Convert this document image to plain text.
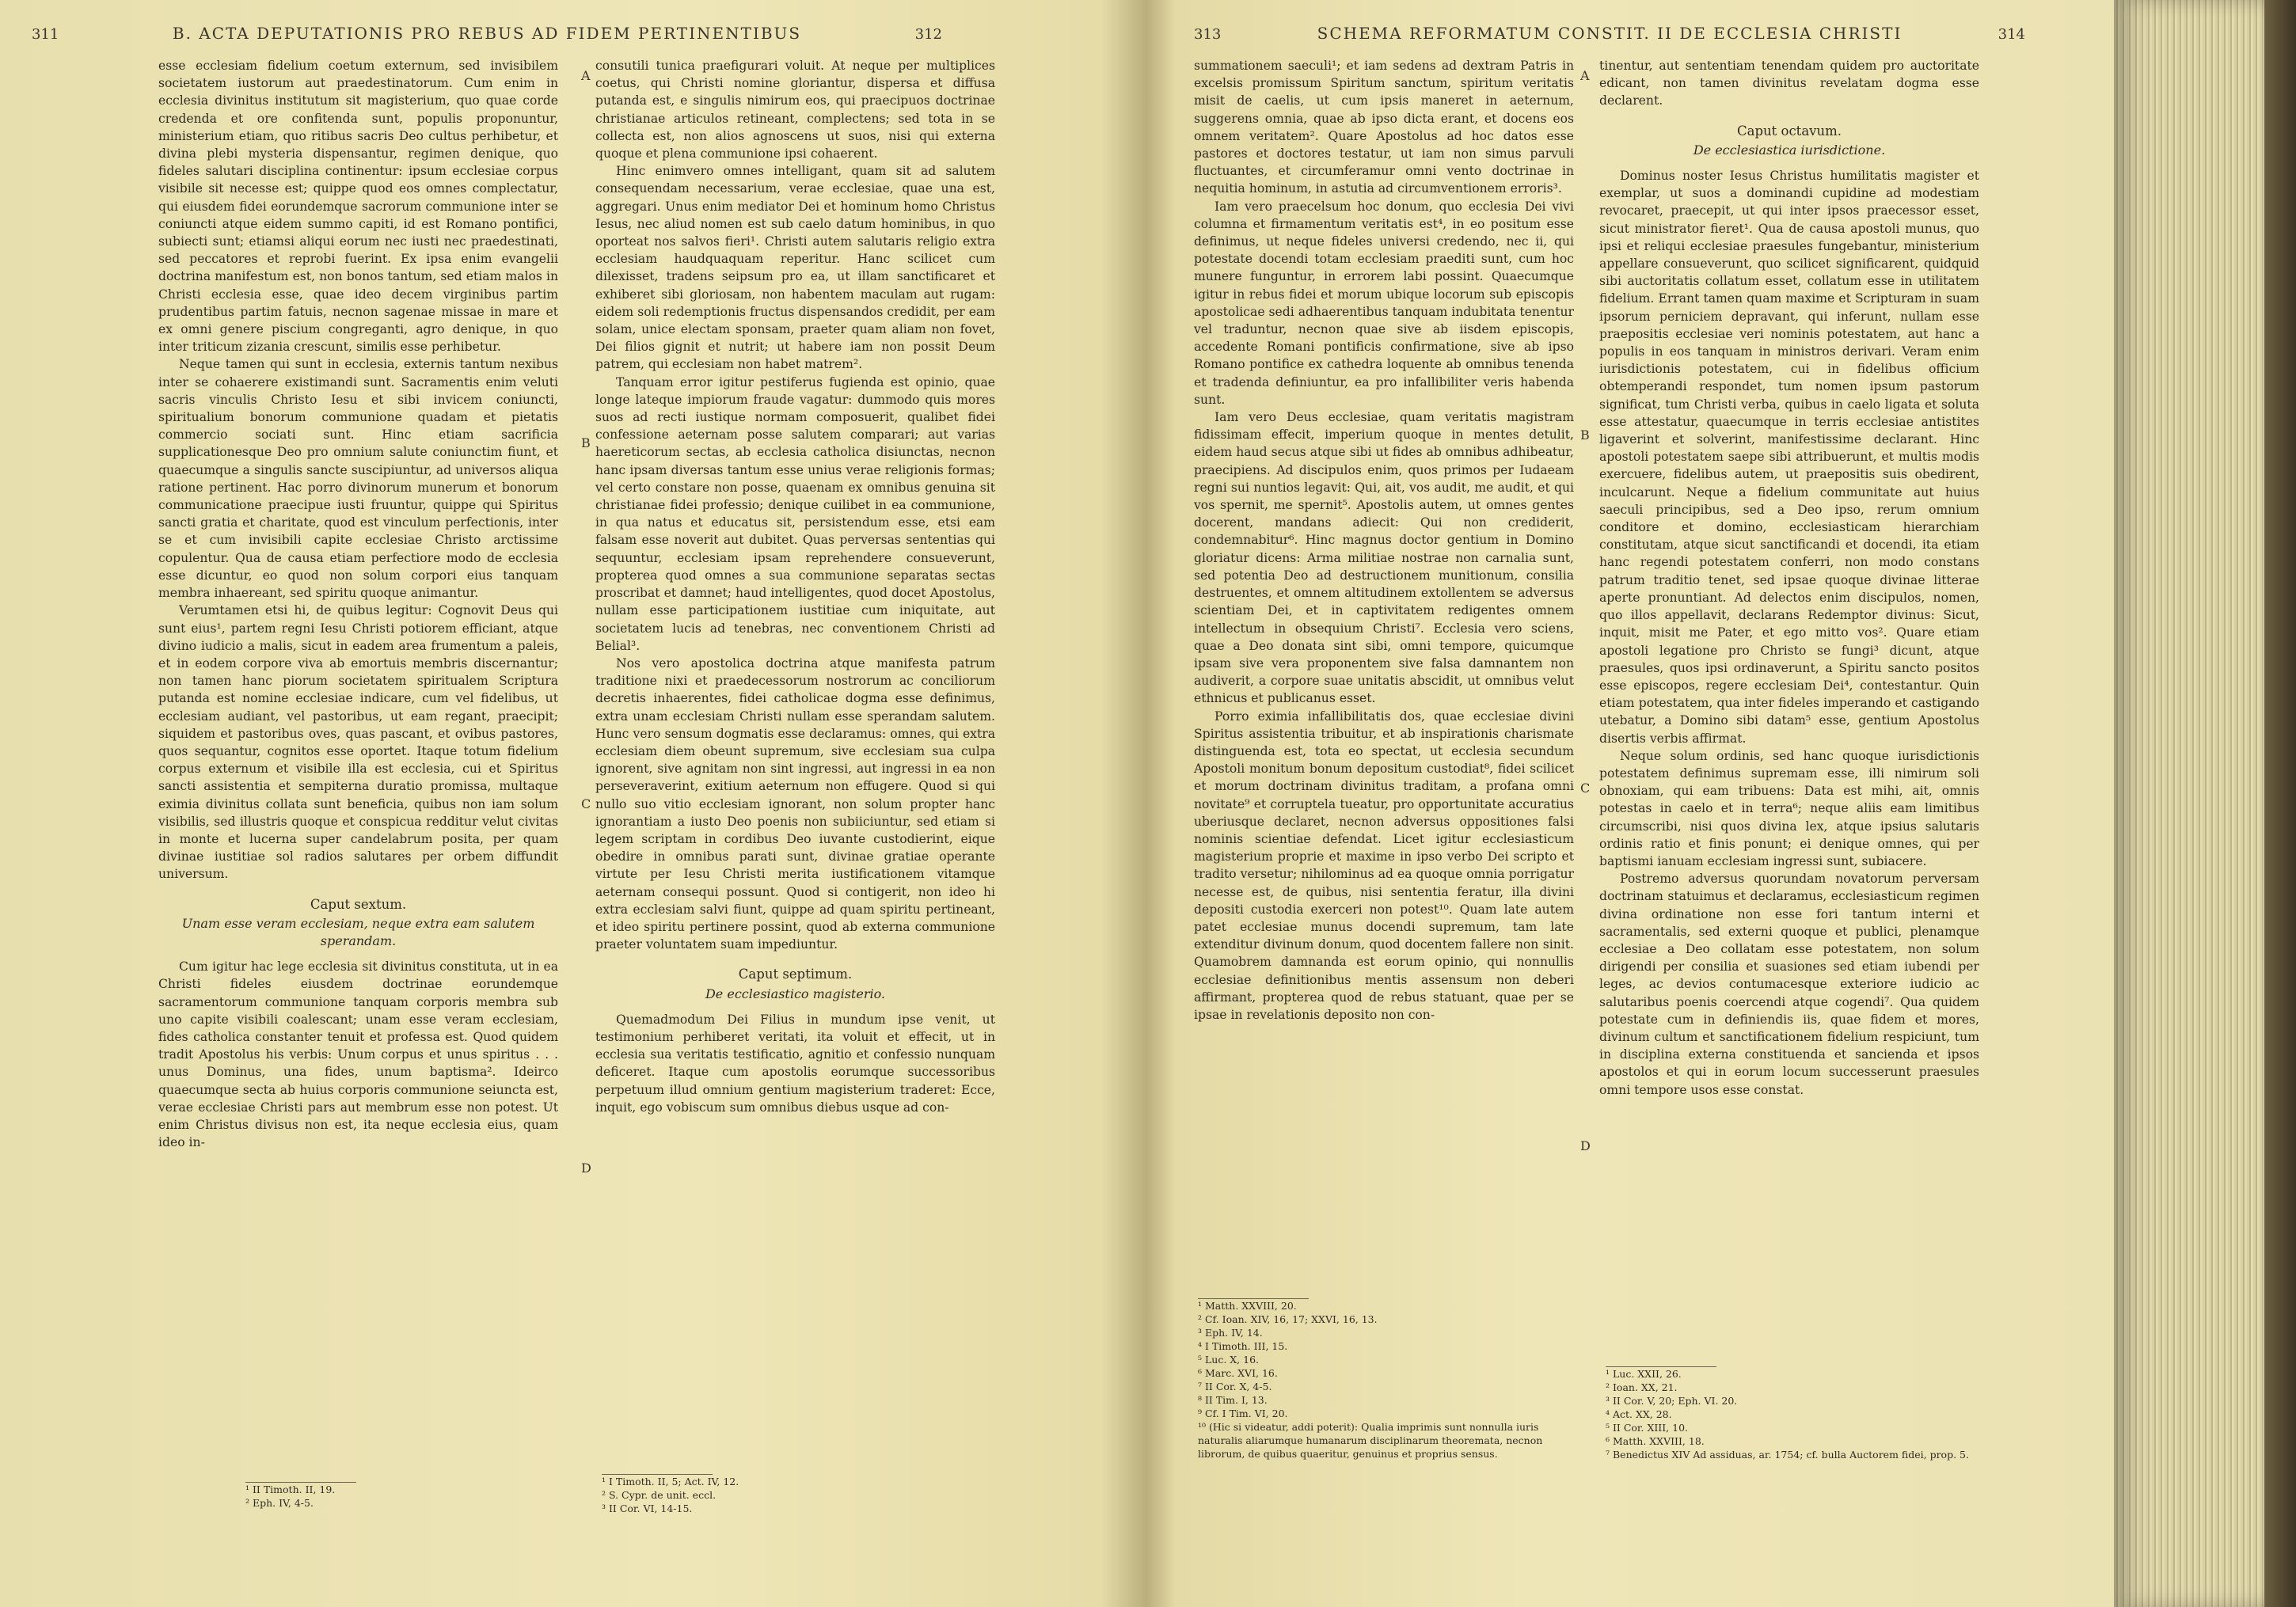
311	B. ACTA DEPUTATIONIS PRO REBUS AD FIDEM PERTINENTIBUS	312

esse ecclesiam fidelium coetum externum, sed invisibilem societatem iustorum aut praedestinatorum. Cum enim in ecclesia divinitus institutum sit magisterium, quo quae corde credenda et ore confitenda sunt, populis proponuntur, ministerium etiam, quo ritibus sacris Deo cultus perhibetur, et divina plebi mysteria dispensantur, regimen denique, quo fideles salutari disciplina continentur: ipsum ecclesiae corpus visibile sit necesse est; quippe quod eos omnes complectatur, qui eiusdem fidei eorundemque sacrorum communione inter se coniuncti atque eidem summo capiti, id est Romano pontifici, subiecti sunt; etiamsi aliqui eorum nec iusti nec praedestinati, sed peccatores et reprobi fuerint. Ex ipsa enim evangelii doctrina manifestum est, non bonos tantum, sed etiam malos in Christi ecclesia esse, quae ideo decem virginibus partim prudentibus partim fatuis, necnon sagenae missae in mare et ex omni genere piscium congreganti, agro denique, in quo inter triticum zizania crescunt, similis esse perhibetur.

Neque tamen qui sunt in ecclesia, externis tantum nexibus inter se cohaerere existimandi sunt. Sacramentis enim veluti sacris vinculis Christo Iesu et sibi invicem coniuncti, spiritualium bonorum communione quadam et pietatis commercio sociati sunt. Hinc etiam sacrificia supplicationesque Deo pro omnium salute coniunctim fiunt, et quaecumque a singulis sancte suscipiuntur, ad universos aliqua ratione pertinent. Hac porro divinorum munerum et bonorum communicatione praecipue iusti fruuntur, quippe qui Spiritus sancti gratia et charitate, quod est vinculum perfectionis, inter se et cum invisibili capite ecclesiae Christo arctissime copulentur. Qua de causa etiam perfectiore modo de ecclesia esse dicuntur, eo quod non solum corpori eius tanquam membra inhaereant, sed spiritu quoque animantur.

Verumtamen etsi hi, de quibus legitur: Cognovit Deus qui sunt eius¹, partem regni Iesu Christi potiorem efficiant, atque divino iudicio a malis, sicut in eadem area frumentum a paleis, et in eodem corpore viva ab emortuis membris discernantur; non tamen hanc piorum societatem spiritualem Scriptura putanda est nomine ecclesiae indicare, cum vel fidelibus, ut ecclesiam audiant, vel pastoribus, ut eam regant, praecipit; siquidem et pastoribus oves, quas pascant, et ovibus pastores, quos sequantur, cognitos esse oportet. Itaque totum fidelium corpus externum et visibile illa est ecclesia, cui et Spiritus sancti assistentia et sempiterna duratio promissa, multaque eximia divinitus collata sunt beneficia, quibus non iam solum visibilis, sed illustris quoque et conspicua redditur velut civitas in monte et lucerna super candelabrum posita, per quam divinae iustitiae sol radios salutares per orbem diffundit universum.

Caput sextum.
Unam esse veram ecclesiam, neque extra eam salutem sperandam.

Cum igitur hac lege ecclesia sit divinitus constituta, ut in ea Christi fideles eiusdem doctrinae eorundemque sacramentorum communione tanquam corporis membra sub uno capite visibili coalescant; unam esse veram ecclesiam, fides catholica constanter tenuit et professa est. Quod quidem tradit Apostolus his verbis: Unum corpus et unus spiritus . . . unus Dominus, una fides, unum baptisma². Ideirco quaecumque secta ab huius corporis communione seiuncta est, verae ecclesiae Christi pars aut membrum esse non potest. Ut enim Christus divisus non est, ita neque ecclesia eius, quam ideo in-

¹ II Timoth. II, 19.
² Eph. IV, 4-5.

consutili tunica praefigurari voluit. At neque per multiplices coetus, qui Christi nomine gloriantur, dispersa et diffusa putanda est, e singulis nimirum eos, qui praecipuos doctrinae christianae articulos retineant, complectens; sed tota in se collecta est, non alios agnoscens ut suos, nisi qui externa quoque et plena communione ipsi cohaerent.

Hinc enimvero omnes intelligant, quam sit ad salutem consequendam necessarium, verae ecclesiae, quae una est, aggregari. Unus enim mediator Dei et hominum homo Christus Iesus, nec aliud nomen est sub caelo datum hominibus, in quo oporteat nos salvos fieri¹. Christi autem salutaris religio extra ecclesiam haudquaquam reperitur. Hanc scilicet cum dilexisset, tradens seipsum pro ea, ut illam sanctificaret et exhiberet sibi gloriosam, non habentem maculam aut rugam: eidem soli redemptionis fructus dispensandos credidit, per eam solam, unice electam sponsam, praeter quam aliam non fovet, Dei filios gignit et nutrit; ut habere iam non possit Deum patrem, qui ecclesiam non habet matrem².

Tanquam error igitur pestiferus fugienda est opinio, quae longe lateque impiorum fraude vagatur: dummodo quis mores suos ad recti iustique normam composuerit, qualibet fidei confessione aeternam posse salutem comparari; aut varias haereticorum sectas, ab ecclesia catholica disiunctas, necnon hanc ipsam diversas tantum esse unius verae religionis formas; vel certo constare non posse, quaenam ex omnibus genuina sit christianae fidei professio; denique cuilibet in ea communione, in qua natus et educatus sit, persistendum esse, etsi eam falsam esse noverit aut dubitet. Quas perversas sententias qui sequuntur, ecclesiam ipsam reprehendere consueverunt, propterea quod omnes a sua communione separatas sectas proscribat et damnet; haud intelligentes, quod docet Apostolus, nullam esse participationem iustitiae cum iniquitate, aut societatem lucis ad tenebras, nec conventionem Christi ad Belial³.

Nos vero apostolica doctrina atque manifesta patrum traditione nixi et praedecessorum nostrorum ac conciliorum decretis inhaerentes, fidei catholicae dogma esse definimus, extra unam ecclesiam Christi nullam esse sperandam salutem. Hunc vero sensum dogmatis esse declaramus: omnes, qui extra ecclesiam diem obeunt supremum, sive ecclesiam sua culpa ignorent, sive agnitam non sint ingressi, aut ingressi in ea non perseveraverint, exitium aeternum non effugere. Quod si qui nullo suo vitio ecclesiam ignorant, non solum propter hanc ignorantiam a iusto Deo poenis non subiiciuntur, sed etiam si legem scriptam in cordibus Deo iuvante custodierint, eique obedire in omnibus parati sunt, divinae gratiae operante virtute per Iesu Christi merita iustificationem vitamque aeternam consequi possunt. Quod si contigerit, non ideo hi extra ecclesiam salvi fiunt, quippe ad quam spiritu pertineant, et ideo spiritu pertinere possint, quod ab externa communione praeter voluntatem suam impediuntur.

Caput septimum.
De ecclesiastico magisterio.

Quemadmodum Dei Filius in mundum ipse venit, ut testimonium perhiberet veritati, ita voluit et effecit, ut in ecclesia sua veritatis testificatio, agnitio et confessio nunquam deficeret. Itaque cum apostolis eorumque successoribus perpetuum illud omnium gentium magisterium traderet: Ecce, inquit, ego vobiscum sum omnibus diebus usque ad con-

¹ I Timoth. II, 5; Act. IV, 12.
² S. Cypr. de unit. eccl.
³ II Cor. VI, 14-15.
A
B
C
D
313	SCHEMA REFORMATUM CONSTIT. II DE ECCLESIA CHRISTI	314

summationem saeculi¹; et iam sedens ad dextram Patris in excelsis promissum Spiritum sanctum, spiritum veritatis misit de caelis, ut cum ipsis maneret in aeternum, suggerens omnia, quae ab ipso dicta erant, et docens eos omnem veritatem². Quare Apostolus ad hoc datos esse pastores et doctores testatur, ut iam non simus parvuli fluctuantes, et circumferamur omni vento doctrinae in nequitia hominum, in astutia ad circumventionem erroris³.

Iam vero praecelsum hoc donum, quo ecclesia Dei vivi columna et firmamentum veritatis est⁴, in eo positum esse definimus, ut neque fideles universi credendo, nec ii, qui potestate docendi totam ecclesiam praediti sunt, cum hoc munere funguntur, in errorem labi possint. Quaecumque igitur in rebus fidei et morum ubique locorum sub episcopis apostolicae sedi adhaerentibus tanquam indubitata tenentur vel traduntur, necnon quae sive ab iisdem episcopis, accedente Romani pontificis confirmatione, sive ab ipso Romano pontifice ex cathedra loquente ab omnibus tenenda et tradenda definiuntur, ea pro infallibiliter veris habenda sunt.

Iam vero Deus ecclesiae, quam veritatis magistram fidissimam effecit, imperium quoque in mentes detulit, eidem haud secus atque sibi ut fides ab omnibus adhibeatur, praecipiens. Ad discipulos enim, quos primos per Iudaeam regni sui nuntios legavit: Qui, ait, vos audit, me audit, et qui vos spernit, me spernit⁵. Apostolis autem, ut omnes gentes docerent, mandans adiecit: Qui non crediderit, condemnabitur⁶. Hinc magnus doctor gentium in Domino gloriatur dicens: Arma militiae nostrae non carnalia sunt, sed potentia Deo ad destructionem munitionum, consilia destruentes, et omnem altitudinem extollentem se adversus scientiam Dei, et in captivitatem redigentes omnem intellectum in obsequium Christi⁷. Ecclesia vero sciens, quae a Deo donata sint sibi, omni tempore, quicumque ipsam sive vera proponentem sive falsa damnantem non audiverit, a corpore suae unitatis abscidit, ut omnibus velut ethnicus et publicanus esset.

Porro eximia infallibilitatis dos, quae ecclesiae divini Spiritus assistentia tribuitur, et ab inspirationis charismate distinguenda est, tota eo spectat, ut ecclesia secundum Apostoli monitum bonum depositum custodiat⁸, fidei scilicet et morum doctrinam divinitus traditam, a profana omni novitate⁹ et corruptela tueatur, pro opportunitate accuratius uberiusque declaret, necnon adversus oppositiones falsi nominis scientiae defendat. Licet igitur ecclesiasticum magisterium proprie et maxime in ipso verbo Dei scripto et tradito versetur; nihilominus ad ea quoque omnia porrigatur necesse est, de quibus, nisi sententia feratur, illa divini depositi custodia exerceri non potest¹⁰. Quam late autem patet ecclesiae munus docendi supremum, tam late extenditur divinum donum, quod docentem fallere non sinit. Quamobrem damnanda est eorum opinio, qui nonnullis ecclesiae definitionibus mentis assensum non deberi affirmant, propterea quod de rebus statuant, quae per se ipsae in revelationis deposito non con-

¹ Matth. XXVIII, 20.
² Cf. Ioan. XIV, 16, 17; XXVI, 16, 13.
³ Eph. IV, 14.
⁴ I Timoth. III, 15.
⁵ Luc. X, 16.
⁶ Marc. XVI, 16.
⁷ II Cor. X, 4-5.
⁸ II Tim. I, 13.
⁹ Cf. I Tim. VI, 20.
¹⁰ (Hic si videatur, addi poterit): Qualia imprimis sunt nonnulla iuris naturalis aliarumque humanarum disciplinarum theoremata, necnon librorum, de quibus quaeritur, genuinus et proprius sensus.
A
B
C
D

tinentur, aut sententiam tenendam quidem pro auctoritate edicant, non tamen divinitus revelatam dogma esse declarent.

Caput octavum.
De ecclesiastica iurisdictione.

Dominus noster Iesus Christus humilitatis magister et exemplar, ut suos a dominandi cupidine ad modestiam revocaret, praecepit, ut qui inter ipsos praecessor esset, sicut ministrator fieret¹. Qua de causa apostoli munus, quo ipsi et reliqui ecclesiae praesules fungebantur, ministerium appellare consueverunt, quo scilicet significarent, quidquid sibi auctoritatis collatum esset, collatum esse in utilitatem fidelium. Errant tamen quam maxime et Scripturam in suam ipsorum perniciem depravant, qui inferunt, nullam esse praepositis ecclesiae veri nominis potestatem, aut hanc a populis in eos tanquam in ministros derivari. Veram enim iurisdictionis potestatem, cui in fidelibus officium obtemperandi respondet, tum nomen ipsum pastorum significat, tum Christi verba, quibus in caelo ligata et soluta esse attestatur, quaecumque in terris ecclesiae antistites ligaverint et solverint, manifestissime declarant. Hinc apostoli potestatem saepe sibi attribuerunt, et multis modis exercuere, fidelibus autem, ut praepositis suis obedirent, inculcarunt. Neque a fidelium communitate aut huius saeculi principibus, sed a Deo ipso, rerum omnium conditore et domino, ecclesiasticam hierarchiam constitutam, atque sicut sanctificandi et docendi, ita etiam hanc regendi potestatem conferri, non modo constans patrum traditio tenet, sed ipsae quoque divinae litterae aperte pronuntiant. Ad delectos enim discipulos, nomen, quo illos appellavit, declarans Redemptor divinus: Sicut, inquit, misit me Pater, et ego mitto vos². Quare etiam apostoli legatione pro Christo se fungi³ dicunt, atque praesules, quos ipsi ordinaverunt, a Spiritu sancto positos esse episcopos, regere ecclesiam Dei⁴, contestantur. Quin etiam potestatem, qua inter fideles imperando et castigando utebatur, a Domino sibi datam⁵ esse, gentium Apostolus disertis verbis affirmat.

Neque solum ordinis, sed hanc quoque iurisdictionis potestatem definimus supremam esse, illi nimirum soli obnoxiam, qui eam tribuens: Data est mihi, ait, omnis potestas in caelo et in terra⁶; neque aliis eam limitibus circumscribi, nisi quos divina lex, atque ipsius salutaris ordinis ratio et finis ponunt; ei denique omnes, qui per baptismi ianuam ecclesiam ingressi sunt, subiacere.

Postremo adversus quorundam novatorum perversam doctrinam statuimus et declaramus, ecclesiasticum regimen divina ordinatione non esse fori tantum interni et sacramentalis, sed externi quoque et publici, plenamque ecclesiae a Deo collatam esse potestatem, non solum dirigendi per consilia et suasiones sed etiam iubendi per leges, ac devios contumacesque exteriore iudicio ac salutaribus poenis coercendi atque cogendi⁷. Qua quidem potestate cum in definiendis iis, quae fidem et mores, divinum cultum et sanctificationem fidelium respiciunt, tum in disciplina externa constituenda et sancienda et ipsos apostolos et qui in eorum locum successerunt praesules omni tempore usos esse constat.

¹ Luc. XXII, 26.
² Ioan. XX, 21.
³ II Cor. V, 20; Eph. VI. 20.
⁴ Act. XX, 28.
⁵ II Cor. XIII, 10.
⁶ Matth. XXVIII, 18.
⁷ Benedictus XIV Ad assiduas, ar. 1754; cf. bulla Auctorem fidei, prop. 5.
